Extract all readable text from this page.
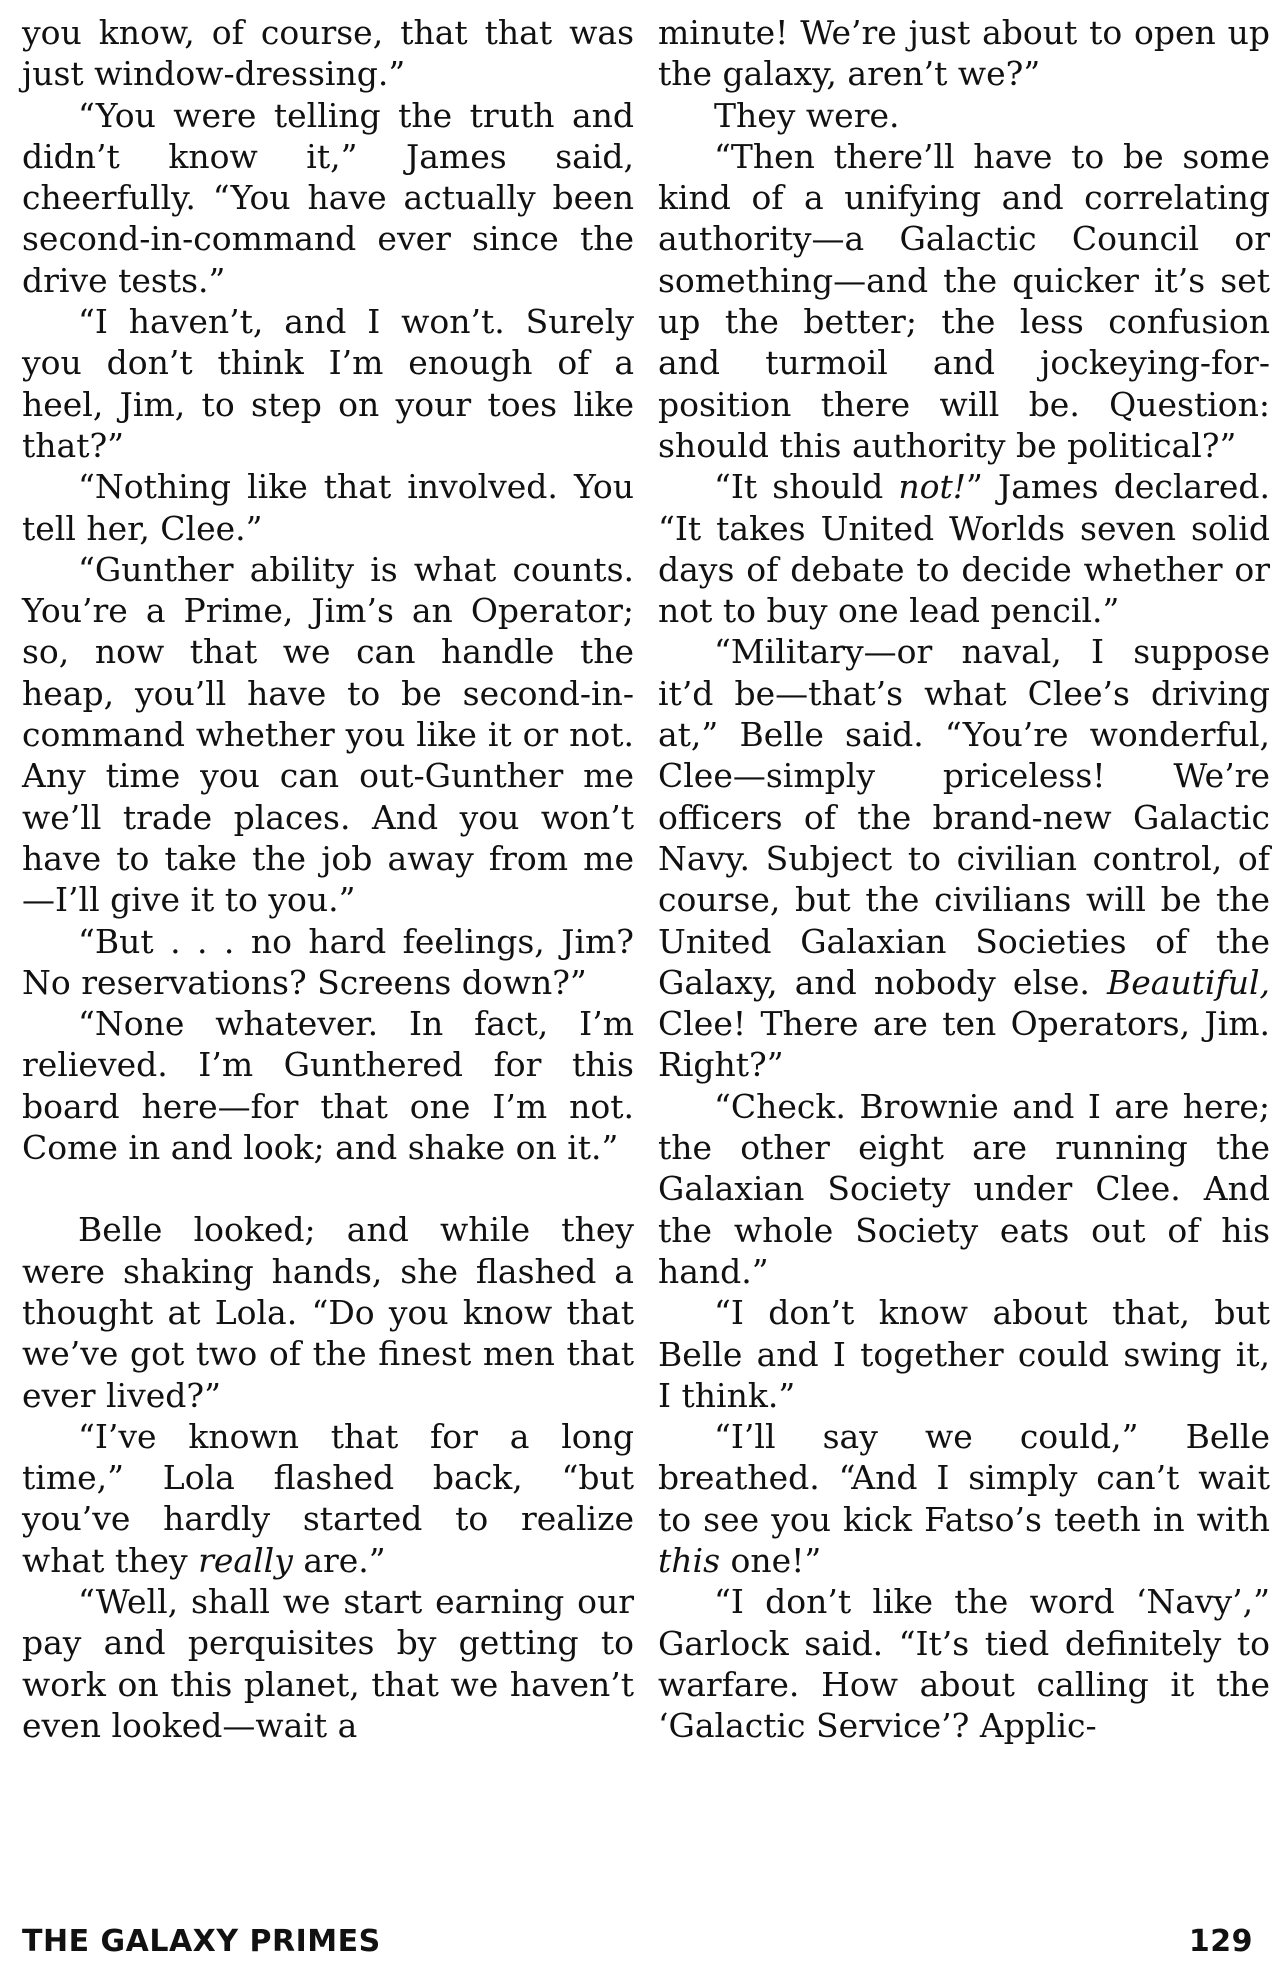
you know, of course, that that was just window-dressing.”

“You were telling the truth and didn’t know it,” James said, cheerfully. “You have actually been second-in-command ever since the drive tests.”

“I haven’t, and I won’t. Surely you don’t think I’m enough of a heel, Jim, to step on your toes like that?”

“Nothing like that involved. You tell her, Clee.”

“Gunther ability is what counts. You’re a Prime, Jim’s an Operator; so, now that we can handle the heap, you’ll have to be second-in-command whether you like it or not. Any time you can out-Gunther me we’ll trade places. And you won’t have to take the job away from me—I’ll give it to you.”

“But . . . no hard feelings, Jim? No reservations? Screens down?”

“None whatever. In fact, I’m relieved. I’m Gunthered for this board here—for that one I’m not. Come in and look; and shake on it.”

Belle looked; and while they were shaking hands, she flashed a thought at Lola. “Do you know that we’ve got two of the finest men that ever lived?”

“I’ve known that for a long time,” Lola flashed back, “but you’ve hardly started to realize what they really are.”

“Well, shall we start earning our pay and perquisites by getting to work on this planet, that we haven’t even looked—wait a

minute! We’re just about to open up the galaxy, aren’t we?”

They were.

“Then there’ll have to be some kind of a unifying and correlating authority—a Galactic Council or something—and the quicker it’s set up the better; the less confusion and turmoil and jockeying-for-position there will be. Question: should this authority be political?”

“It should not!” James declared. “It takes United Worlds seven solid days of debate to decide whether or not to buy one lead pencil.”

“Military—or naval, I suppose it’d be—that’s what Clee’s driving at,” Belle said. “You’re wonderful, Clee—simply priceless! We’re officers of the brand-new Galactic Navy. Subject to civilian control, of course, but the civilians will be the United Galaxian Societies of the Galaxy, and nobody else. Beautiful, Clee! There are ten Operators, Jim. Right?”

“Check. Brownie and I are here; the other eight are running the Galaxian Society under Clee. And the whole Society eats out of his hand.”

“I don’t know about that, but Belle and I together could swing it, I think.”

“I’ll say we could,” Belle breathed. “And I simply can’t wait to see you kick Fatso’s teeth in with this one!”

“I don’t like the word ‘Navy’,” Garlock said. “It’s tied definitely to warfare. How about calling it the ‘Galactic Service’? Applic-

THE GALAXY PRIMES	129
